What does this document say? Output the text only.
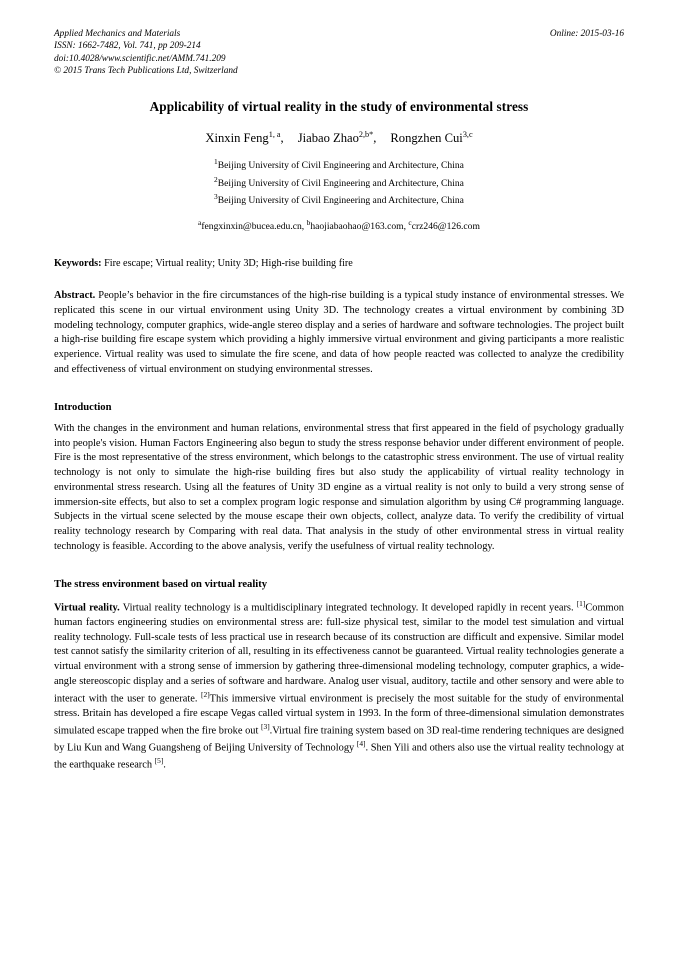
Applied Mechanics and Materials
ISSN: 1662-7482, Vol. 741, pp 209-214
doi:10.4028/www.scientific.net/AMM.741.209
© 2015 Trans Tech Publications Ltd, Switzerland
Online: 2015-03-16
Applicability of virtual reality in the study of environmental stress
Xinxin Feng$^{1, a}$, Jiabao Zhao$^{2,b*}$, Rongzhen Cui$^{3,c}$
$^1$Beijing University of Civil Engineering and Architecture, China
$^2$Beijing University of Civil Engineering and Architecture, China
$^3$Beijing University of Civil Engineering and Architecture, China
$^a$fengxinxin@bucea.edu.cn, $^b$haojiabaohao@163.com, $^c$crz246@126.com
Keywords: Fire escape; Virtual reality; Unity 3D; High-rise building fire
Abstract. People’s behavior in the fire circumstances of the high-rise building is a typical study instance of environmental stresses. We replicated this scene in our virtual environment using Unity 3D. The technology creates a virtual environment by combining 3D modeling technology, computer graphics, wide-angle stereo display and a series of hardware and software technologies. The project built a high-rise building fire escape system which providing a highly immersive virtual environment and giving participants a more realistic experience. Virtual reality was used to simulate the fire scene, and data of how people reacted was collected to analyze the credibility and effectiveness of virtual environment on studying environmental stresses.
Introduction
With the changes in the environment and human relations, environmental stress that first appeared in the field of psychology gradually into people's vision. Human Factors Engineering also begun to study the stress response behavior under different environment of people. Fire is the most representative of the stress environment, which belongs to the catastrophic stress environment. The use of virtual reality technology is not only to simulate the high-rise building fires but also study the applicability of virtual reality technology in environmental stress research. Using all the features of Unity 3D engine as a virtual reality is not only to build a very strong sense of immersion-site effects, but also to set a complex program logic response and simulation algorithm by using C# programming language. Subjects in the virtual scene selected by the mouse escape their own objects, collect, analyze data. To verify the credibility of virtual reality technology research by Comparing with real data. That analysis in the study of other environmental stress in virtual reality technology is feasible. According to the above analysis, verify the usefulness of virtual reality technology.
The stress environment based on virtual reality
Virtual reality. Virtual reality technology is a multidisciplinary integrated technology. It developed rapidly in recent years. [1]Common human factors engineering studies on environmental stress are: full-size physical test, similar to the model test simulation and virtual reality technology. Full-scale tests of less practical use in research because of its construction are difficult and expensive. Similar model test cannot satisfy the similarity criterion of all, resulting in its effectiveness cannot be guaranteed. Virtual reality technologies generate a virtual environment with a strong sense of immersion by gathering three-dimensional modeling technology, computer graphics, a wide-angle stereoscopic display and a series of software and hardware. Analog user visual, auditory, tactile and other sensory and were able to interact with the user to generate. [2]This immersive virtual environment is precisely the most suitable for the study of environmental stress. Britain has developed a fire escape Vegas called virtual system in 1993. In the form of three-dimensional simulation demonstrates simulated escape trapped when the fire broke out [3].Virtual fire training system based on 3D real-time rendering techniques are designed by Liu Kun and Wang Guangsheng of Beijing University of Technology [4]. Shen Yili and others also use the virtual reality technology at the earthquake research [5].
